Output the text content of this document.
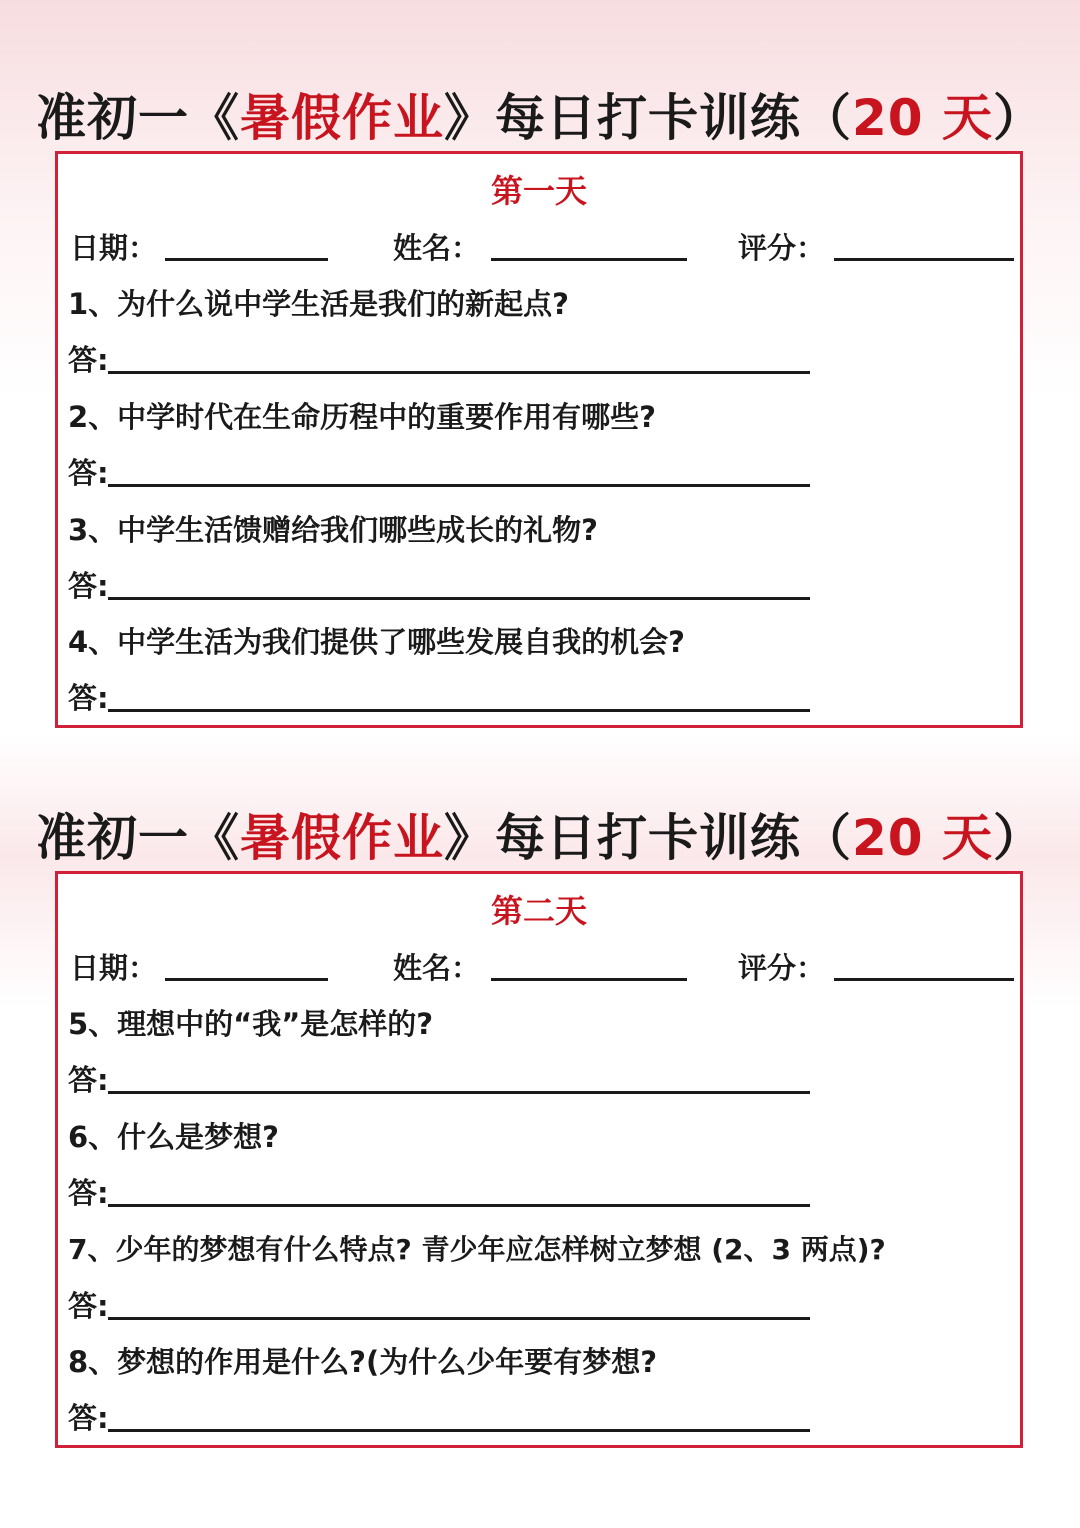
准初一《暑假作业》每日打卡训练（20 天）
第一天
日期：	姓名：	评分：
1、为什么说中学生活是我们的新起点?
答:
2、中学时代在生命历程中的重要作用有哪些?
答:
3、中学生活馈赠给我们哪些成长的礼物?
答:
4、中学生活为我们提供了哪些发展自我的机会?
答:
准初一《暑假作业》每日打卡训练（20 天）
第二天
日期：	姓名：	评分：
5、理想中的“我”是怎样的?
答:
6、什么是梦想?
答:
7、少年的梦想有什么特点? 青少年应怎样树立梦想 (2、3 两点)?
答:
8、梦想的作用是什么?(为什么少年要有梦想?
答:
